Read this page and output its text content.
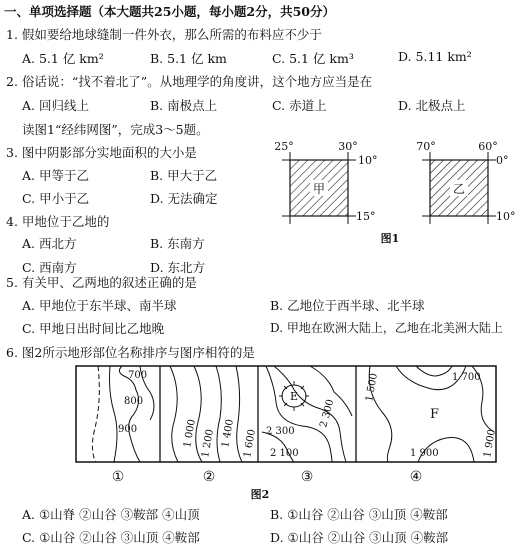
一、单项选择题（本大题共25小题，每小题2分，共50分）
1. 假如要给地球缝制一件外衣，那么所需的布料应不少于
A. 5.1 亿 km²	B. 5.1 亿 km	C. 5.1 亿 km³	D. 5.11 km²
2. 俗话说：“找不着北了”。从地理学的角度讲，这个地方应当是在
A. 回归线上	B. 南极点上	C. 赤道上	D. 北极点上
读图1“经纬网图”，完成3～5题。
3. 图中阴影部分实地面积的大小是
A. 甲等于乙	B. 甲大于乙
C. 甲小于乙	D. 无法确定
4. 甲地位于乙地的
A. 西北方	B. 东南方
C. 西南方	D. 东北方
甲
25°	30°
10°
15°
乙
70°	60°
0°
10°
图1
5. 有关甲、乙两地的叙述正确的是
A. 甲地位于东半球、南半球	B. 乙地位于西半球、北半球
C. 甲地日出时间比乙地晚	D. 甲地在欧洲大陆上，乙地在北美洲大陆上
6. 图2所示地形部位名称排序与图序相符的是
700
800
900	1 000 1 200 1 400 1 600
E
2 300
2 100
2 300
1 500	1 700
1 900	1 900
F
①	②	③	④
图2
A. ①山脊 ②山谷 ③鞍部 ④山顶	B. ①山谷 ②山谷 ③山顶 ④鞍部
C. ①山谷 ②山谷 ③山顶 ④鞍部	D. ①山谷 ②山谷 ③山顶 ④鞍部
